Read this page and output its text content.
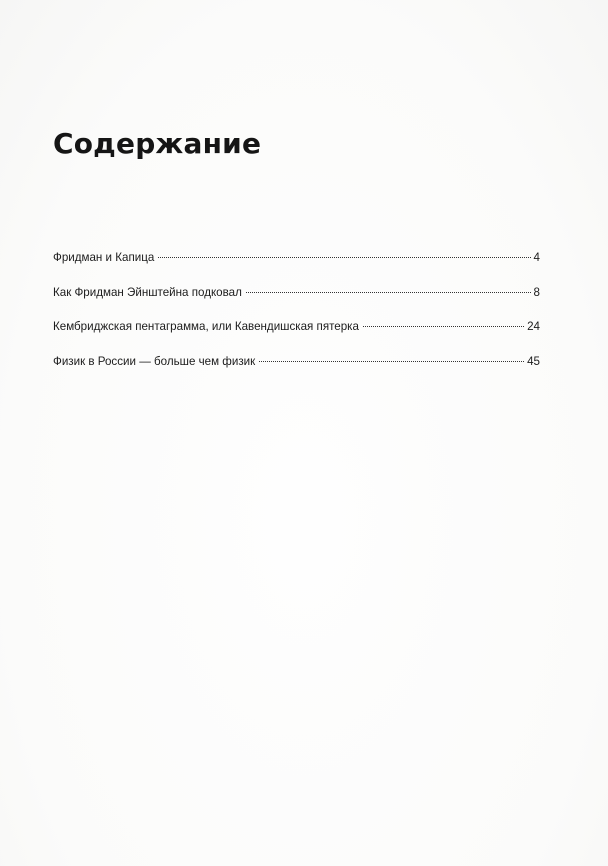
Содержание
Фридман и Капица	4
Как Фридман Эйнштейна подковал	8
Кембриджская пентаграмма, или Кавендишская пятерка	24
Физик в России — больше чем физик	45
